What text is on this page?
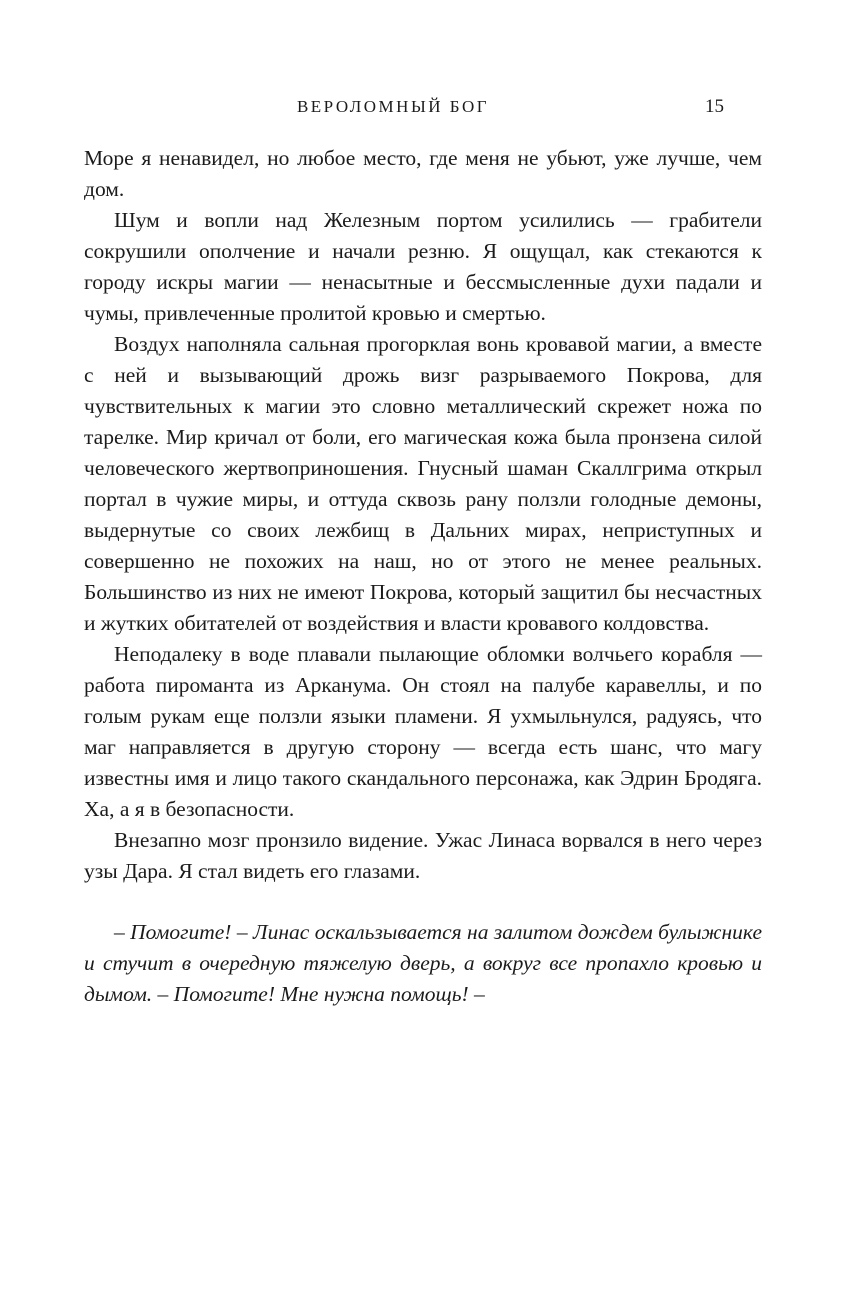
ВЕРОЛОМНЫЙ БОГ	15

Море я ненавидел, но любое место, где меня не убьют, уже лучше, чем дом.

Шум и вопли над Железным портом усилились — грабители сокрушили ополчение и начали резню. Я ощущал, как стекаются к городу искры магии — ненасытные и бессмысленные духи падали и чумы, привлеченные пролитой кровью и смертью.

Воздух наполняла сальная прогорклая вонь кровавой магии, а вместе с ней и вызывающий дрожь визг разрываемого Покрова, для чувствительных к магии это словно металлический скрежет ножа по тарелке. Мир кричал от боли, его магическая кожа была пронзена силой человеческого жертвоприношения. Гнусный шаман Скаллгрима открыл портал в чужие миры, и оттуда сквозь рану ползли голодные демоны, выдернутые со своих лежбищ в Дальних мирах, неприступных и совершенно не похожих на наш, но от этого не менее реальных. Большинство из них не имеют Покрова, который защитил бы несчастных и жутких обитателей от воздействия и власти кровавого колдовства.

Неподалеку в воде плавали пылающие обломки волчьего корабля — работа пироманта из Арканума. Он стоял на палубе каравеллы, и по голым рукам еще ползли языки пламени. Я ухмыльнулся, радуясь, что маг направляется в другую сторону — всегда есть шанс, что магу известны имя и лицо такого скандального персонажа, как Эдрин Бродяга. Ха, а я в безопасности.

Внезапно мозг пронзило видение. Ужас Линаса ворвался в него через узы Дара. Я стал видеть его глазами.

– Помогите! – Линас оскальзывается на залитом дождем булыжнике и стучит в очередную тяжелую дверь, а вокруг все пропахло кровью и дымом. – Помогите! Мне нужна помощь! –
